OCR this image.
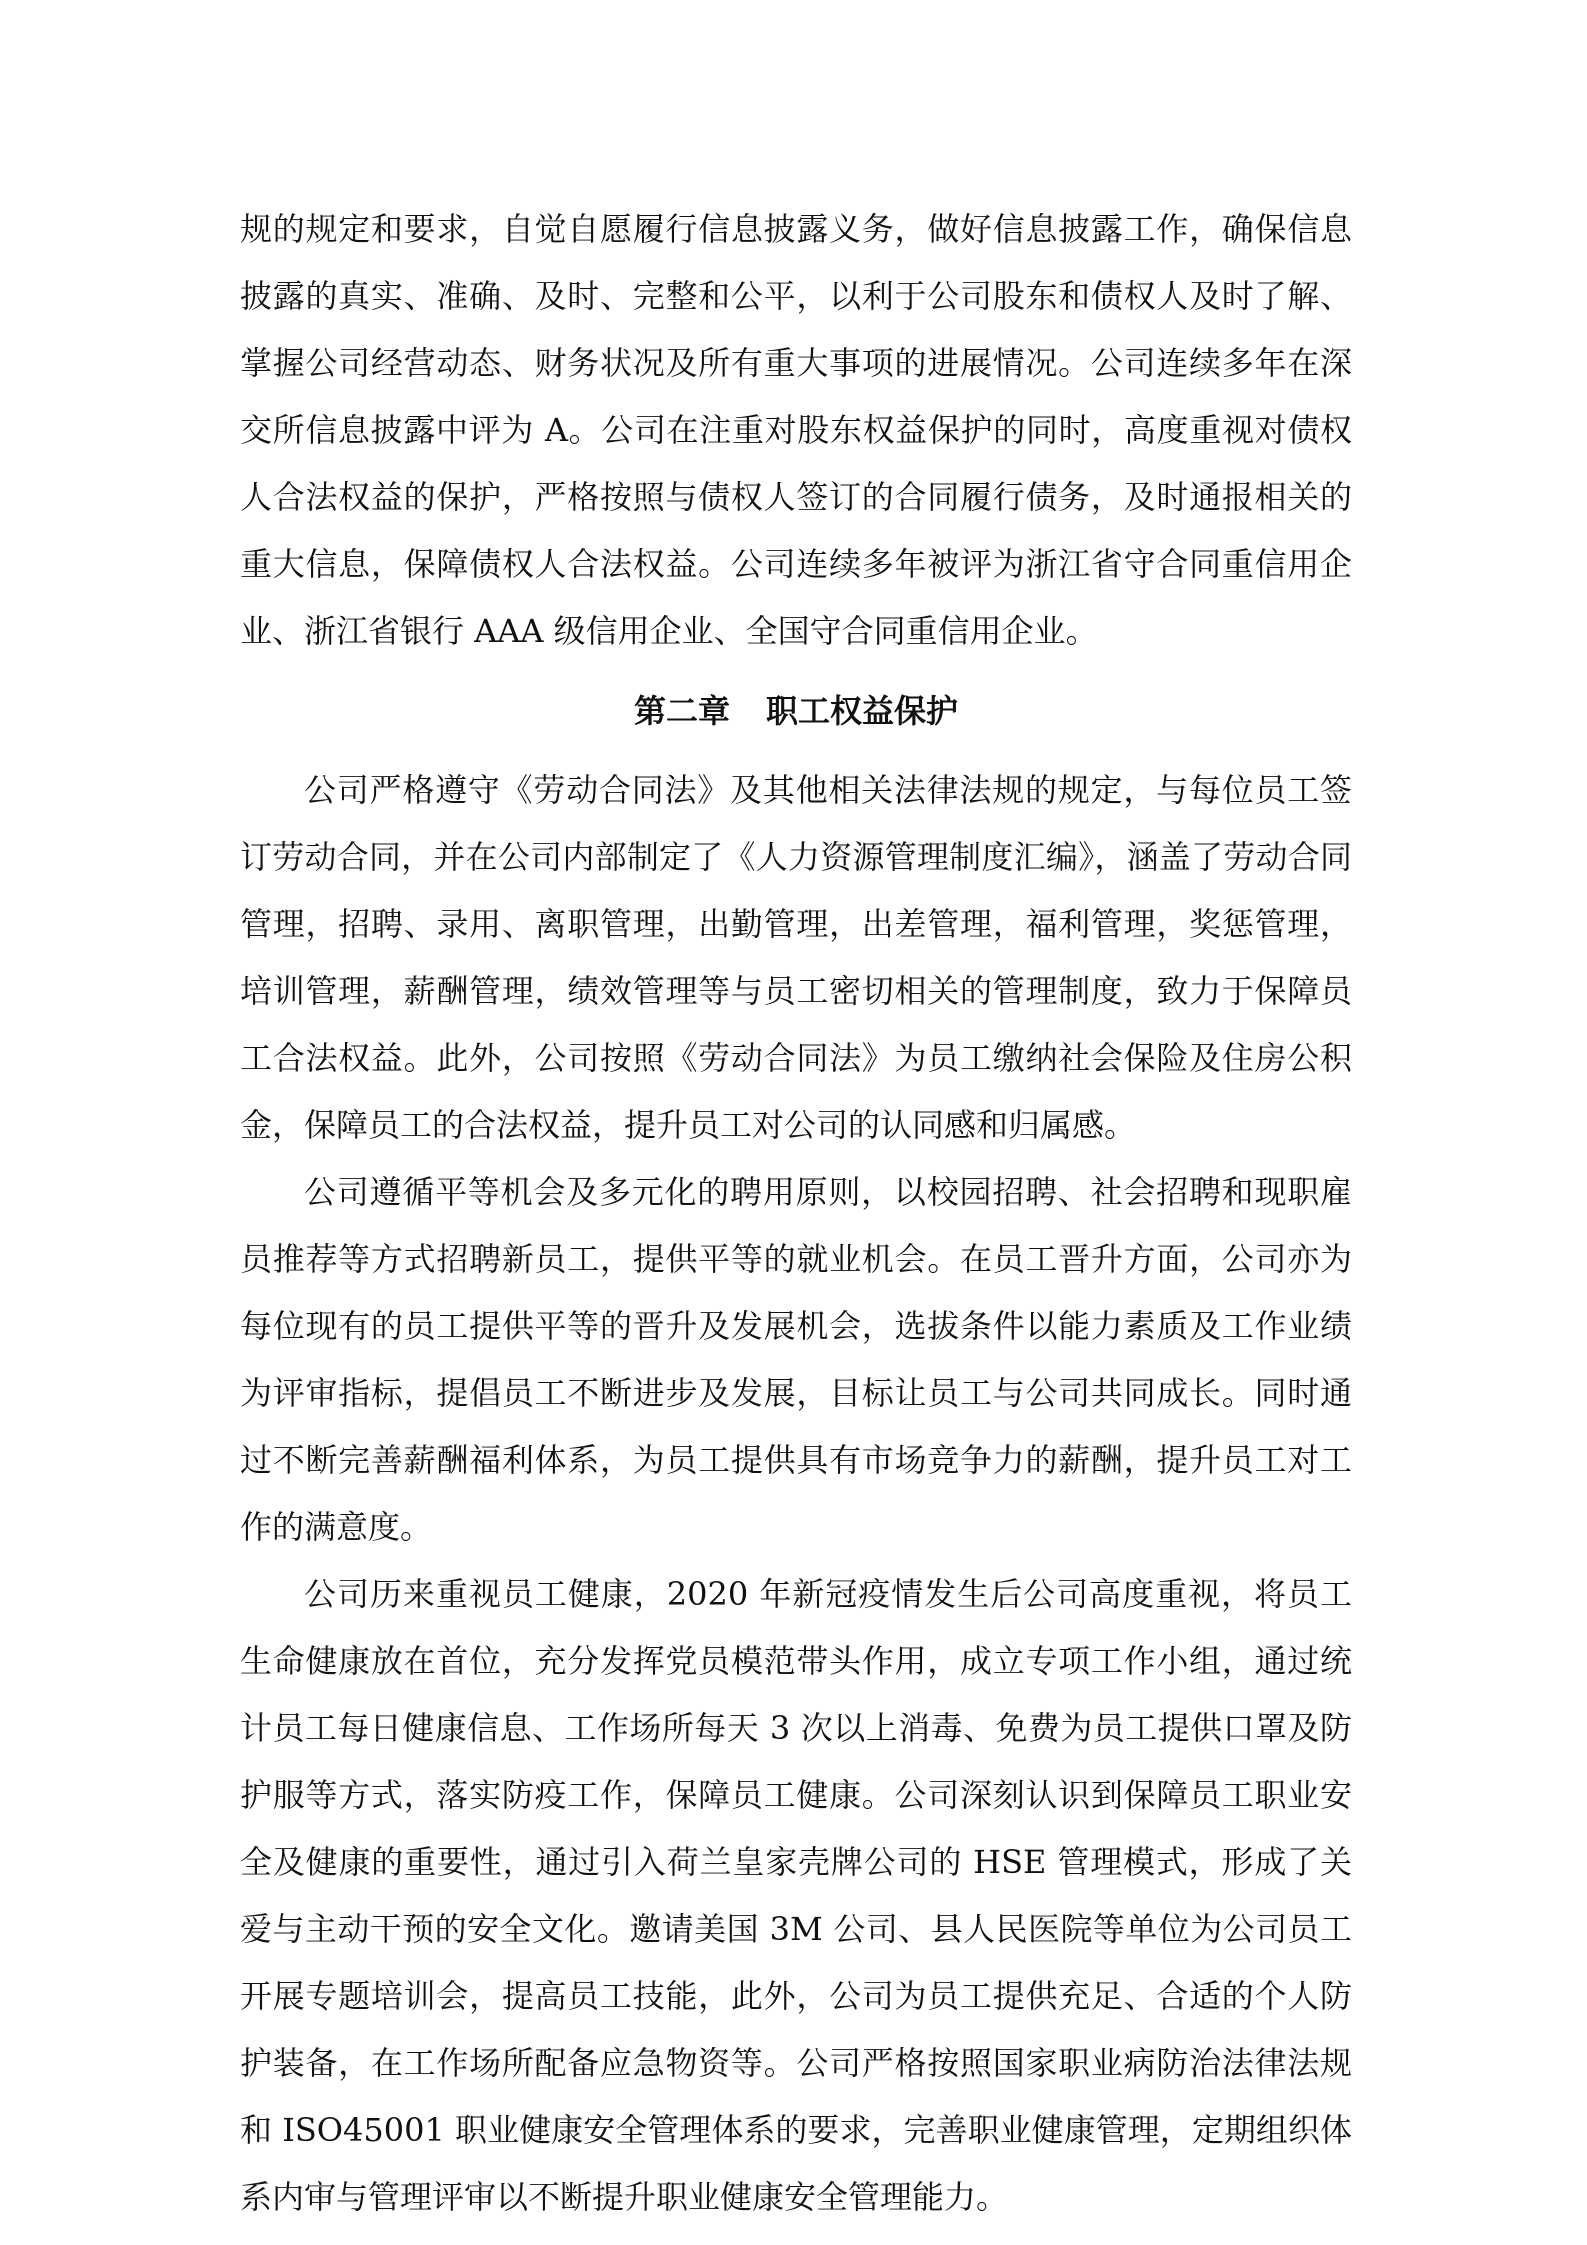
规的规定和要求，自觉自愿履行信息披露义务，做好信息披露工作，确保信息披露的真实、准确、及时、完整和公平，以利于公司股东和债权人及时了解、掌握公司经营动态、财务状况及所有重大事项的进展情况。公司连续多年在深交所信息披露中评为 A。公司在注重对股东权益保护的同时，高度重视对债权人合法权益的保护，严格按照与债权人签订的合同履行债务，及时通报相关的重大信息，保障债权人合法权益。公司连续多年被评为浙江省守合同重信用企业、浙江省银行 AAA 级信用企业、全国守合同重信用企业。

第二章 职工权益保护

公司严格遵守《劳动合同法》及其他相关法律法规的规定，与每位员工签订劳动合同，并在公司内部制定了《人力资源管理制度汇编》，涵盖了劳动合同管理，招聘、录用、离职管理，出勤管理，出差管理，福利管理，奖惩管理，培训管理，薪酬管理，绩效管理等与员工密切相关的管理制度，致力于保障员工合法权益。此外，公司按照《劳动合同法》为员工缴纳社会保险及住房公积金，保障员工的合法权益，提升员工对公司的认同感和归属感。

公司遵循平等机会及多元化的聘用原则，以校园招聘、社会招聘和现职雇员推荐等方式招聘新员工，提供平等的就业机会。在员工晋升方面，公司亦为每位现有的员工提供平等的晋升及发展机会，选拔条件以能力素质及工作业绩为评审指标，提倡员工不断进步及发展，目标让员工与公司共同成长。同时通过不断完善薪酬福利体系，为员工提供具有市场竞争力的薪酬，提升员工对工作的满意度。

公司历来重视员工健康，2020 年新冠疫情发生后公司高度重视，将员工生命健康放在首位，充分发挥党员模范带头作用，成立专项工作小组，通过统计员工每日健康信息、工作场所每天 3 次以上消毒、免费为员工提供口罩及防护服等方式，落实防疫工作，保障员工健康。公司深刻认识到保障员工职业安全及健康的重要性，通过引入荷兰皇家壳牌公司的 HSE 管理模式，形成了关爱与主动干预的安全文化。邀请美国 3M 公司、县人民医院等单位为公司员工开展专题培训会，提高员工技能，此外，公司为员工提供充足、合适的个人防护装备，在工作场所配备应急物资等。公司严格按照国家职业病防治法律法规和 ISO45001 职业健康安全管理体系的要求，完善职业健康管理，定期组织体系内审与管理评审以不断提升职业健康安全管理能力。
